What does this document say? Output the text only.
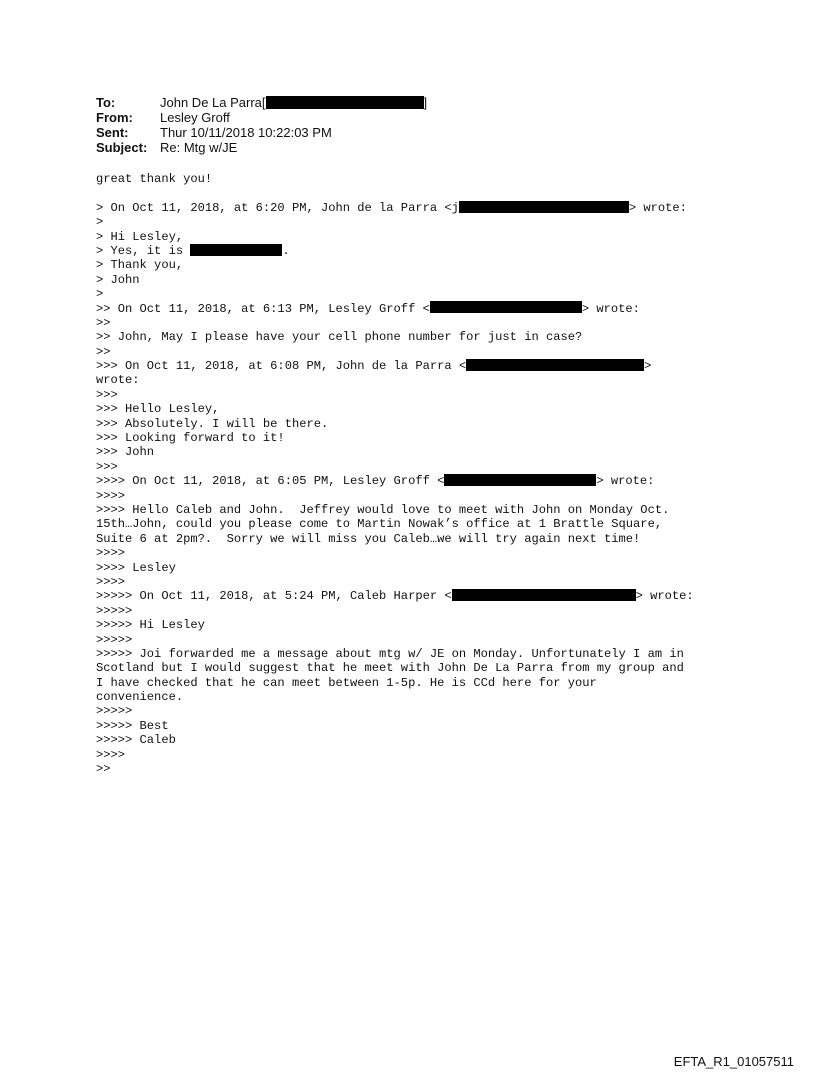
To:	John De La Parra[	]
From:	Lesley Groff
Sent:	Thur 10/11/2018 10:22:03 PM
Subject: Re: Mtg w/JE
great thank you!
> On Oct 11, 2018, at 6:20 PM, John de la Parra <j	> wrote:
>
> Hi Lesley,
> Yes, it is	.
> Thank you,
> John
>
>> On Oct 11, 2018, at 6:13 PM, Lesley Groff <	> wrote:
>>
>> John, May I please have your cell phone number for just in case?
>>
>>> On Oct 11, 2018, at 6:08 PM, John de la Parra <	>
wrote:
>>>
>>> Hello Lesley,
>>> Absolutely. I will be there.
>>> Looking forward to it!
>>> John
>>>
>>>> On Oct 11, 2018, at 6:05 PM, Lesley Groff <	> wrote:
>>>>
>>>> Hello Caleb and John.  Jeffrey would love to meet with John on Monday Oct.
15th…John, could you please come to Martin Nowak’s office at 1 Brattle Square,
Suite 6 at 2pm?.  Sorry we will miss you Caleb…we will try again next time!
>>>>
>>>> Lesley
>>>>
>>>>> On Oct 11, 2018, at 5:24 PM, Caleb Harper <	> wrote:
>>>>>
>>>>> Hi Lesley
>>>>>
>>>>> Joi forwarded me a message about mtg w/ JE on Monday. Unfortunately I am in
Scotland but I would suggest that he meet with John De La Parra from my group and
I have checked that he can meet between 1-5p. He is CCd here for your
convenience.
>>>>>
>>>>> Best
>>>>> Caleb
>>>>
>>
EFTA_R1_01057511
